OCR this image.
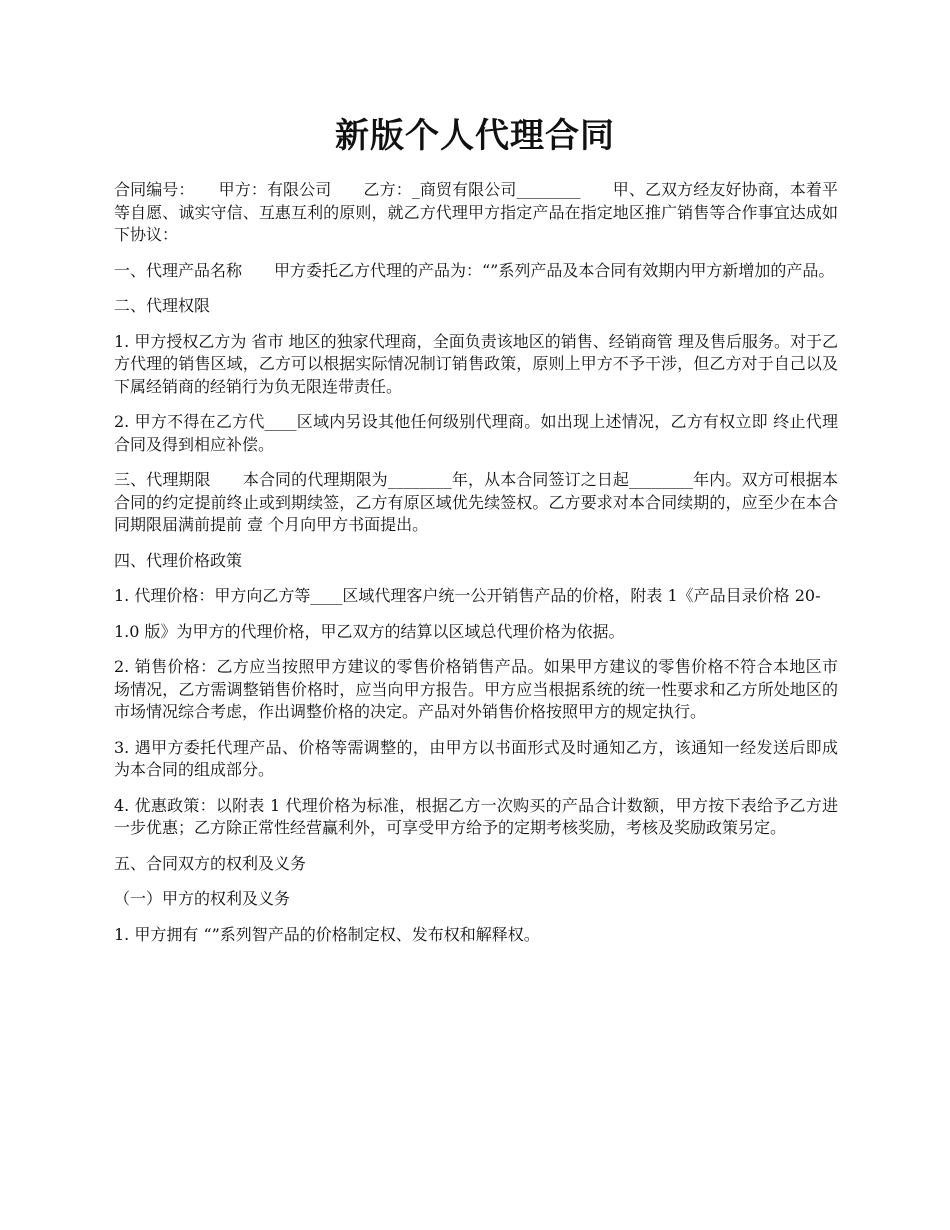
新版个人代理合同

合同编号：　　甲方：有限公司　　乙方：_商贸有限公司________　　甲、乙双方经友好协商，本着平等自愿、诚实守信、互惠互利的原则，就乙方代理甲方指定产品在指定地区推广销售等合作事宜达成如下协议：

一、代理产品名称　　甲方委托乙方代理的产品为：“”系列产品及本合同有效期内甲方新增加的产品。

二、代理权限

1. 甲方授权乙方为 省市 地区的独家代理商，全面负责该地区的销售、经销商管 理及售后服务。对于乙方代理的销售区域，乙方可以根据实际情况制订销售政策，原则上甲方不予干涉，但乙方对于自己以及下属经销商的经销行为负无限连带责任。

2. 甲方不得在乙方代____区域内另设其他任何级别代理商。如出现上述情况，乙方有权立即 终止代理合同及得到相应补偿。

三、代理期限　　本合同的代理期限为________年，从本合同签订之日起________年内。双方可根据本合同的约定提前终止或到期续签，乙方有原区域优先续签权。乙方要求对本合同续期的，应至少在本合同期限届满前提前 壹 个月向甲方书面提出。

四、代理价格政策

1. 代理价格：甲方向乙方等____区域代理客户统一公开销售产品的价格，附表 1《产品目录价格 20-

1.0 版》为甲方的代理价格，甲乙双方的结算以区域总代理价格为依据。

2. 销售价格：乙方应当按照甲方建议的零售价格销售产品。如果甲方建议的零售价格不符合本地区市场情况，乙方需调整销售价格时，应当向甲方报告。甲方应当根据系统的统一性要求和乙方所处地区的市场情况综合考虑，作出调整价格的决定。产品对外销售价格按照甲方的规定执行。

3. 遇甲方委托代理产品、价格等需调整的，由甲方以书面形式及时通知乙方，该通知一经发送后即成为本合同的组成部分。

4. 优惠政策：以附表 1 代理价格为标准，根据乙方一次购买的产品合计数额，甲方按下表给予乙方进一步优惠；乙方除正常性经营赢利外，可享受甲方给予的定期考核奖励，考核及奖励政策另定。

五、合同双方的权利及义务

（一）甲方的权利及义务

1. 甲方拥有 “”系列智产品的价格制定权、发布权和解释权。
